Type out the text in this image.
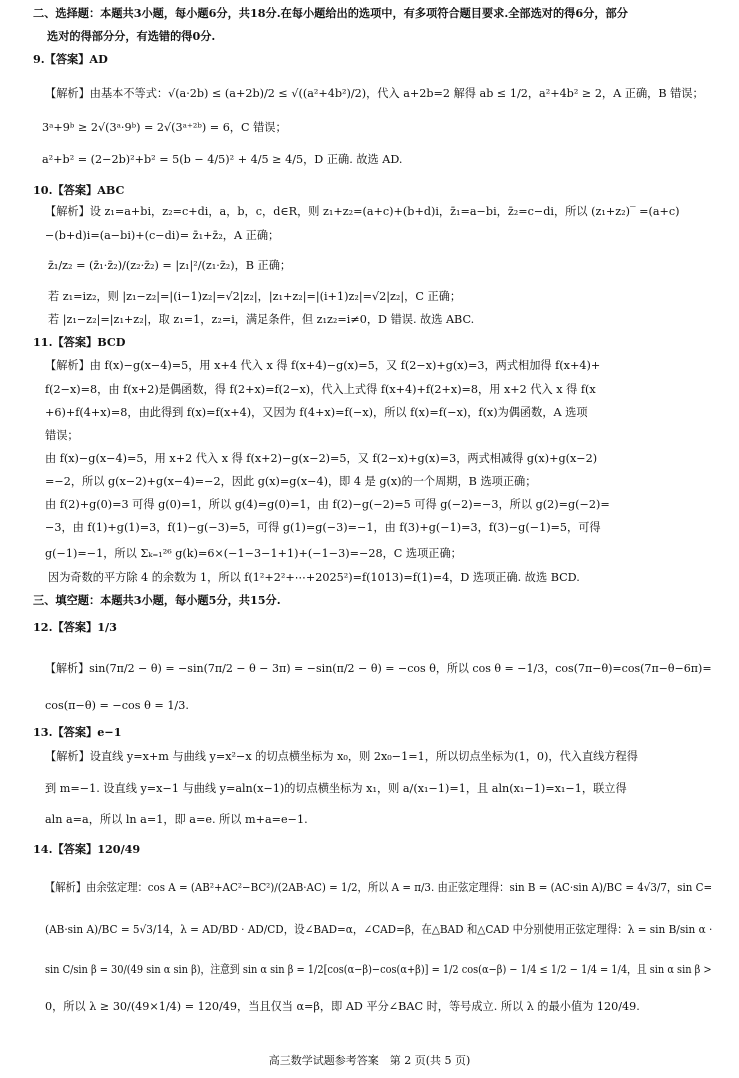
二、选择题：本题共3小题，每小题6分，共18分.在每小题给出的选项中，有多项符合题目要求.全部选对的得6分，部分
选对的得部分分，有选错的得0分.
9.【答案】AD
【解析】由基本不等式：√(a·2b) ≤ (a+2b)/2 ≤ √((a²+4b²)/2)，代入 a+2b=2 解得 ab ≤ 1/2，a²+4b² ≥ 2，A 正确，B 错误；
3ᵃ+9ᵇ ≥ 2√(3ᵃ·9ᵇ) = 2√(3ᵃ⁺²ᵇ) = 6，C 错误；
a²+b² = (2−2b)²+b² = 5(b − 4/5)² + 4/5 ≥ 4/5，D 正确. 故选 AD.
10.【答案】ABC
【解析】设 z₁=a+bi，z₂=c+di，a，b，c，d∈R，则 z₁+z₂=(a+c)+(b+d)i，z̄₁=a−bi，z̄₂=c−di，所以 (z₁+z₂)‾ =(a+c)
−(b+d)i=(a−bi)+(c−di)= z̄₁+z̄₂，A 正确；
z̄₁/z₂ = (z̄₁·z̄₂)/(z₂·z̄₂) = |z₁|²/(z₁·z̄₂)，B 正确；
若 z₁=iz₂，则 |z₁−z₂|=|(i−1)z₂|=√2|z₂|，|z₁+z₂|=|(i+1)z₂|=√2|z₂|，C 正确；
若 |z₁−z₂|=|z₁+z₂|，取 z₁=1，z₂=i，满足条件，但 z₁z₂=i≠0，D 错误. 故选 ABC.
11.【答案】BCD
【解析】由 f(x)−g(x−4)=5，用 x+4 代入 x 得 f(x+4)−g(x)=5，又 f(2−x)+g(x)=3，两式相加得 f(x+4)+
f(2−x)=8，由 f(x+2)是偶函数，得 f(2+x)=f(2−x)，代入上式得 f(x+4)+f(2+x)=8，用 x+2 代入 x 得 f(x
+6)+f(4+x)=8，由此得到 f(x)=f(x+4)，又因为 f(4+x)=f(−x)，所以 f(x)=f(−x)，f(x)为偶函数，A 选项
错误；
由 f(x)−g(x−4)=5，用 x+2 代入 x 得 f(x+2)−g(x−2)=5，又 f(2−x)+g(x)=3，两式相减得 g(x)+g(x−2)
=−2，所以 g(x−2)+g(x−4)=−2，因此 g(x)=g(x−4)，即 4 是 g(x)的一个周期，B 选项正确；
由 f(2)+g(0)=3 可得 g(0)=1，所以 g(4)=g(0)=1，由 f(2)−g(−2)=5 可得 g(−2)=−3，所以 g(2)=g(−2)=
−3，由 f(1)+g(1)=3，f(1)−g(−3)=5，可得 g(1)=g(−3)=−1，由 f(3)+g(−1)=3，f(3)−g(−1)=5，可得
g(−1)=−1，所以 Σₖ₌₁²⁶ g(k)=6×(−1−3−1+1)+(−1−3)=−28，C 选项正确；
因为奇数的平方除 4 的余数为 1，所以 f(1²+2²+⋯+2025²)=f(1013)=f(1)=4，D 选项正确. 故选 BCD.
三、填空题：本题共3小题，每小题5分，共15分.
12.【答案】1/3
【解析】sin(7π/2 − θ) = −sin(7π/2 − θ − 3π) = −sin(π/2 − θ) = −cos θ，所以 cos θ = −1/3，cos(7π−θ)=cos(7π−θ−6π)=
cos(π−θ) = −cos θ = 1/3.
13.【答案】e−1
【解析】设直线 y=x+m 与曲线 y=x²−x 的切点横坐标为 x₀，则 2x₀−1=1，所以切点坐标为(1，0)，代入直线方程得
到 m=−1. 设直线 y=x−1 与曲线 y=aln(x−1)的切点横坐标为 x₁，则 a/(x₁−1)=1，且 aln(x₁−1)=x₁−1，联立得
aln a=a，所以 ln a=1，即 a=e. 所以 m+a=e−1.
14.【答案】120/49
【解析】由余弦定理：cos A = (AB²+AC²−BC²)/(2AB·AC) = 1/2，所以 A = π/3. 由正弦定理得：sin B = (AC·sin A)/BC = 4√3/7，sin C=
(AB·sin A)/BC = 5√3/14，λ = AD/BD · AD/CD，设∠BAD=α，∠CAD=β，在△BAD 和△CAD 中分别使用正弦定理得：λ = sin B/sin α ·
sin C/sin β = 30/(49 sin α sin β)，注意到 sin α sin β = 1/2[cos(α−β)−cos(α+β)] = 1/2 cos(α−β) − 1/4 ≤ 1/2 − 1/4 = 1/4，且 sin α sin β >
0，所以 λ ≥ 30/(49×1/4) = 120/49，当且仅当 α=β，即 AD 平分∠BAC 时，等号成立. 所以 λ 的最小值为 120/49.
高三数学试题参考答案　第 2 页(共 5 页)
